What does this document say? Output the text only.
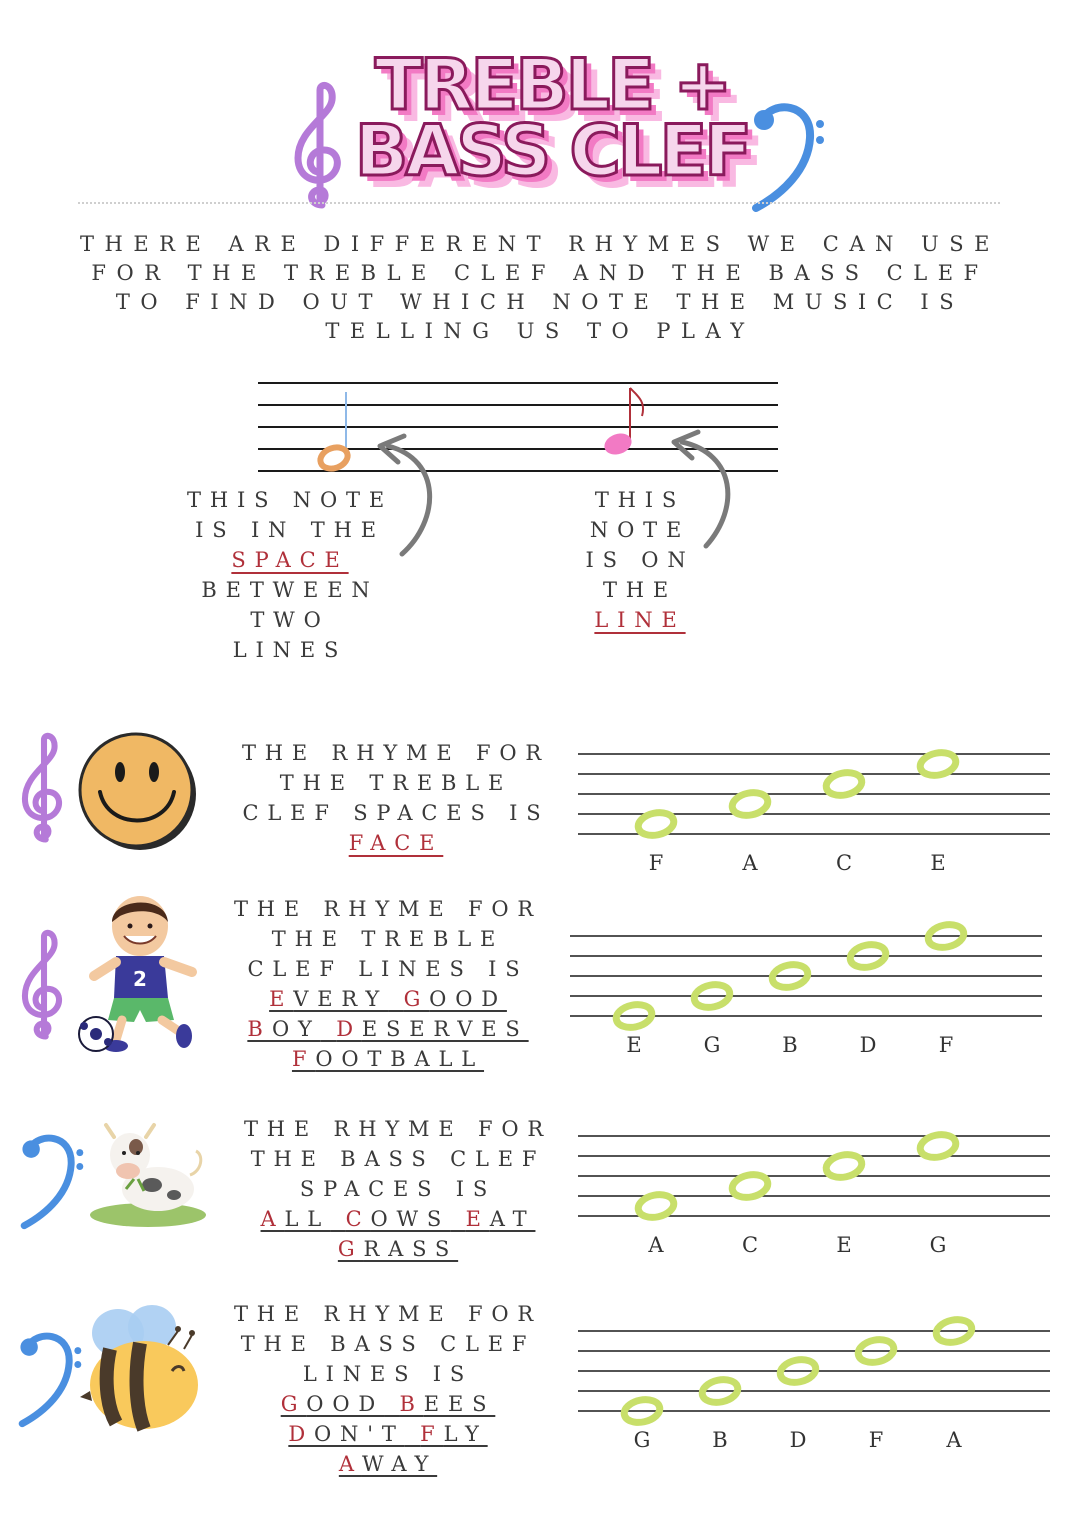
TREBLE +
BASS CLEF
THERE ARE DIFFERENT RHYMES WE CAN USE
FOR THE TREBLE CLEF AND THE BASS CLEF
TO FIND OUT WHICH NOTE THE MUSIC IS
TELLING US TO PLAY
THIS NOTE
IS IN THE
SPACE
BETWEEN
TWO
LINES
THIS
NOTE
IS ON
THE
LINE
THE RHYME FOR
THE TREBLE
CLEF SPACES IS
FACE
F	A	C	E
2
THE RHYME FOR
THE TREBLE
CLEF LINES IS
EVERY GOOD
BOY DESERVES
FOOTBALL
E	G	B	D	F
THE RHYME FOR
THE BASS CLEF
SPACES IS
ALL COWS EAT
GRASS	A	C	E	G
THE RHYME FOR
THE BASS CLEF
LINES IS
GOOD BEES
DON'T FLY
AWAY
G	B	D	F	A
